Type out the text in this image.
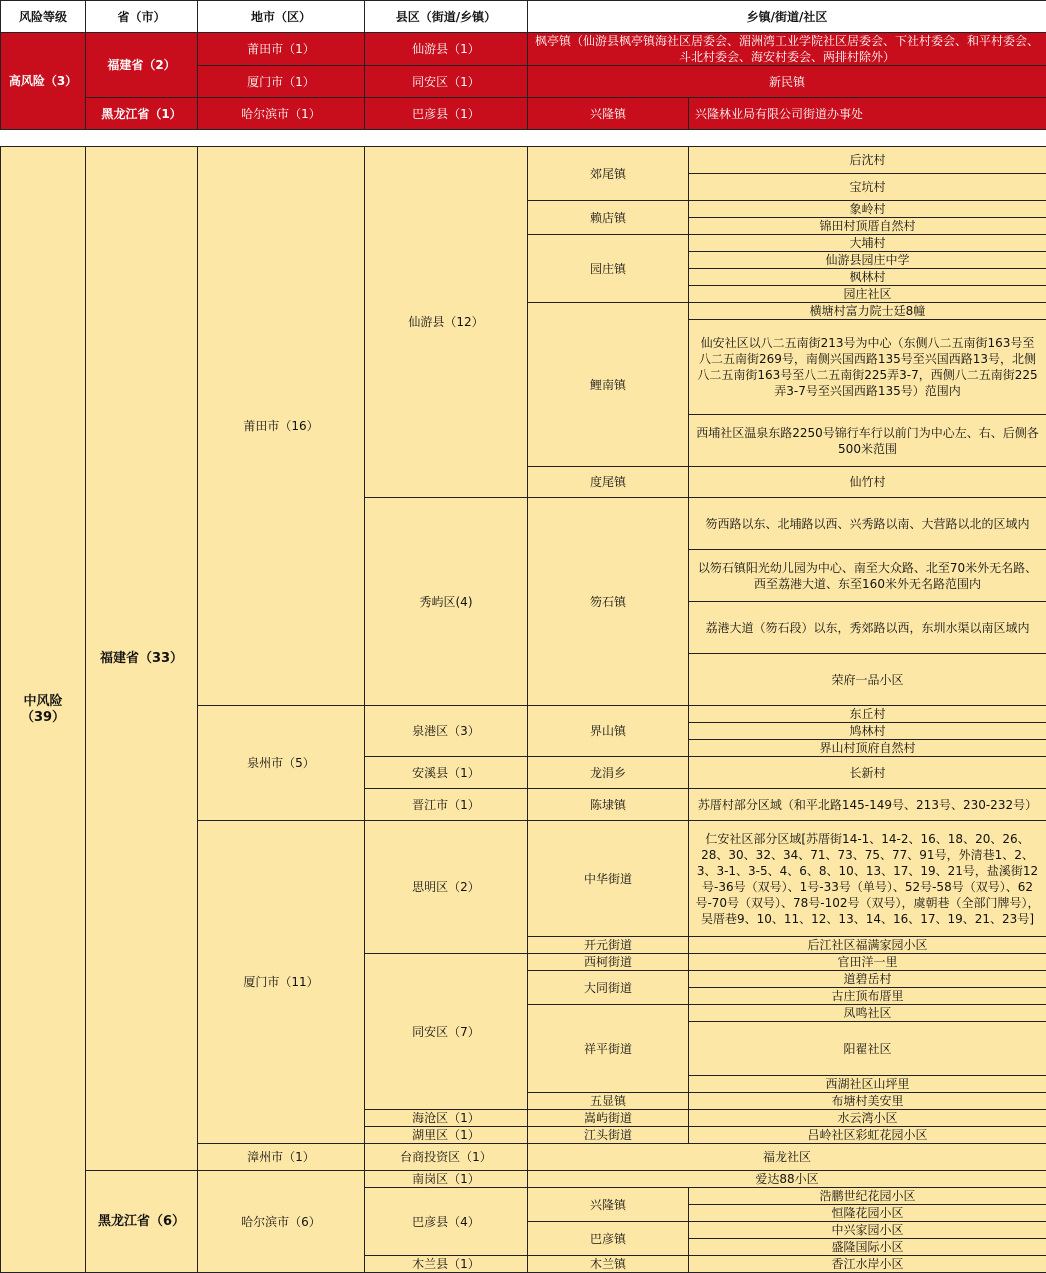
风险等级	省（市）	地市（区）	县区（街道/乡镇）	乡镇/街道/社区	
高风险（3）	福建省（2）	莆田市（1）	仙游县（1）	枫亭镇（仙游县枫亭镇海社区居委会、湄洲湾工业学院社区居委会、下社村委会、和平村委会、斗北村委会、海安村委会、两排村除外）	
		厦门市（1）	同安区（1）	新民镇	
	黑龙江省（1）	哈尔滨市（1）	巴彦县（1）	兴隆镇	兴隆林业局有限公司街道办事处

中风险（39）	福建省（33）	莆田市（16）	仙游县（12）	郊尾镇	后沈村
					宝坑村
				赖店镇	象岭村
					锦田村顶厝自然村
				园庄镇	大埔村
					仙游县园庄中学
					枫林村
					园庄社区
				鲤南镇	横塘村富力院士廷8幢
					仙安社区以八二五南街213号为中心（东侧八二五南街163号至八二五南街269号，南侧兴国西路135号至兴国西路13号，北侧八二五南街163号至八二五南街225弄3-7，西侧八二五南街225弄3-7号至兴国西路135号）范围内
					西埔社区温泉东路2250号锦行车行以前门为中心左、右、后侧各500米范围
				度尾镇	仙竹村
			秀屿区(4)	笏石镇	笏西路以东、北埔路以西、兴秀路以南、大营路以北的区域内
					以笏石镇阳光幼儿园为中心、南至大众路、北至70米外无名路、西至荔港大道、东至160米外无名路范围内
					荔港大道（笏石段）以东，秀郊路以西，东圳水渠以南区域内
					荣府一品小区
		泉州市（5）	泉港区（3）	界山镇	东丘村
					鸠林村
					界山村顶府自然村
			安溪县（1）	龙涓乡	长新村
			晋江市（1）	陈埭镇	苏厝村部分区域（和平北路145-149号、213号、230-232号）
		厦门市（11）	思明区（2）	中华街道	仁安社区部分区域[苏厝街14-1、14-2、16、18、20、26、28、30、32、34、71、73、75、77、91号，外清巷1、2、3、3-1、3-5、4、6、8、10、13、17、19、21号，盐溪街12号-36号（双号）、1号-33号（单号）、52号-58号（双号）、62号-70号（双号）、78号-102号（双号），虞朝巷（全部门牌号），吴厝巷9、10、11、12、13、14、16、17、19、21、23号]
				开元街道	后江社区福满家园小区
			同安区（7）	西柯街道	官田洋一里
				大同街道	道碧岳村
					古庄顶布厝里
				祥平街道	凤鸣社区
					阳翟社区
					西湖社区山坪里
				五显镇	布塘村美安里
			海沧区（1）	嵩屿街道	水云湾小区
			湖里区（1）	江头街道	吕岭社区彩虹花园小区
		漳州市（1）	台商投资区（1）	福龙社区	
	黑龙江省（6）	哈尔滨市（6）	南岗区（1）	爱达88小区	
			巴彦县（4）	兴隆镇	浩鹏世纪花园小区
					恒隆花园小区
				巴彦镇	中兴家园小区
					盛隆国际小区
			木兰县（1）	木兰镇	香江水岸小区
